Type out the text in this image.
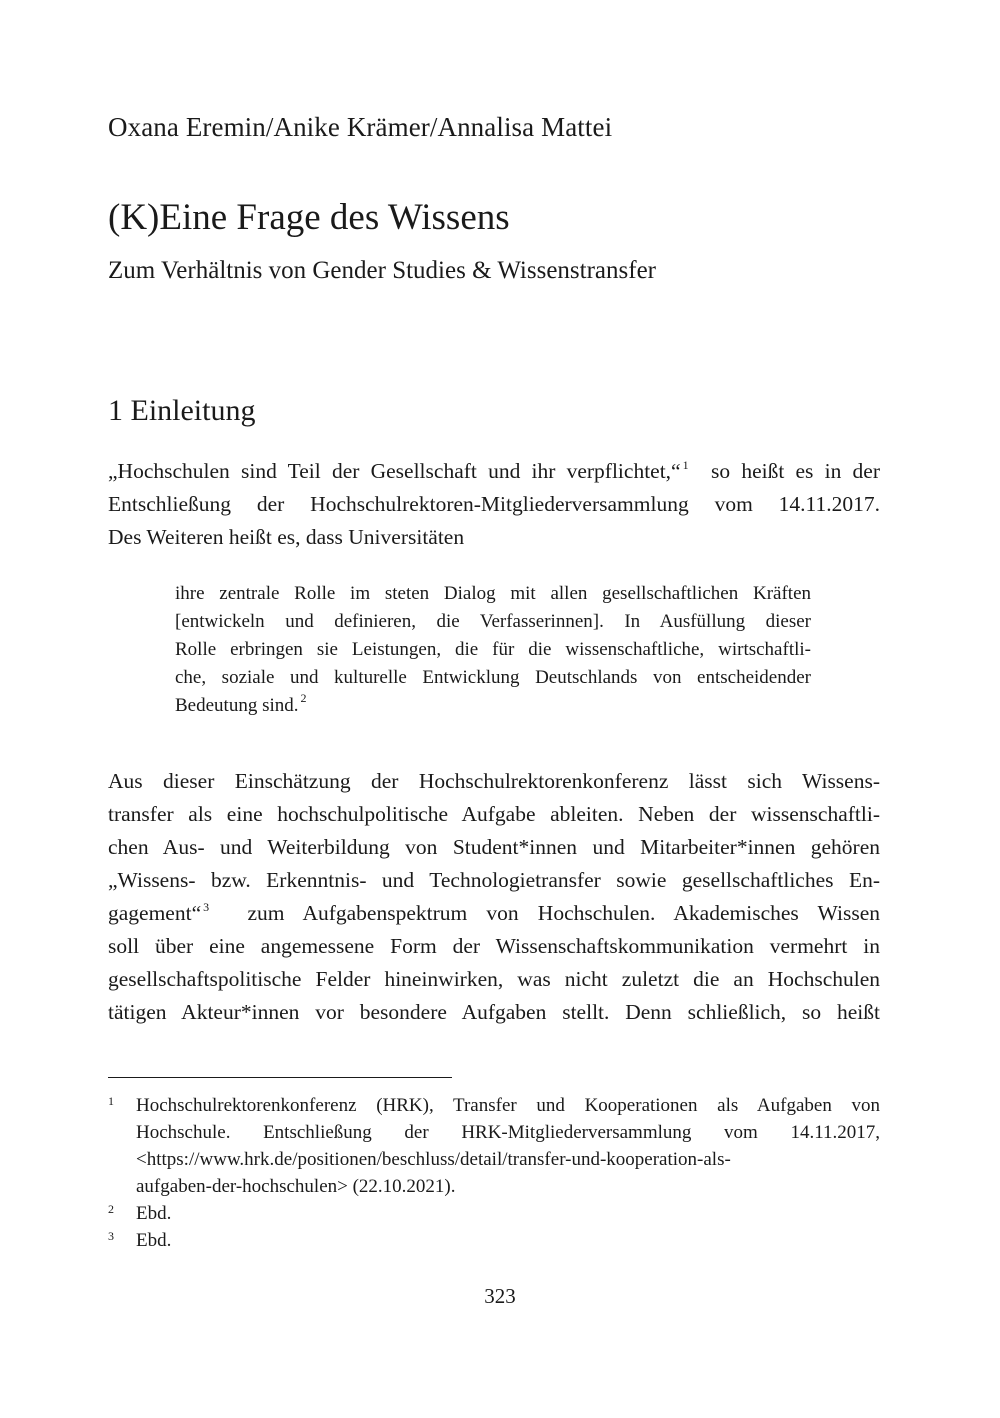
Oxana Eremin/Anike Krämer/Annalisa Mattei
(K)Eine Frage des Wissens
Zum Verhältnis von Gender Studies & Wissenstransfer
1 Einleitung
„Hochschulen sind Teil der Gesellschaft und ihr verpflichtet,“ $^1$ so heißt es in der
Entschließung der Hochschulrektoren-Mitgliederversammlung vom 14.11.2017.
Des Weiteren heißt es, dass Universitäten
ihre zentrale Rolle im steten Dialog mit allen gesellschaftlichen Kräften
[entwickeln und definieren, die Verfasserinnen]. In Ausfüllung dieser
Rolle erbringen sie Leistungen, die für die wissenschaftliche, wirtschaftli-
che, soziale und kulturelle Entwicklung Deutschlands von entscheidender
Bedeutung sind. $^2$
Aus dieser Einschätzung der Hochschulrektorenkonferenz lässt sich Wissens-
transfer als eine hochschulpolitische Aufgabe ableiten. Neben der wissenschaftli-
chen Aus- und Weiterbildung von Student*innen und Mitarbeiter*innen gehören
„Wissens- bzw. Erkenntnis- und Technologietransfer sowie gesellschaftliches En-
gagement“ $^3$ zum Aufgabenspektrum von Hochschulen. Akademisches Wissen
soll über eine angemessene Form der Wissenschaftskommunikation vermehrt in
gesellschaftspolitische Felder hineinwirken, was nicht zuletzt die an Hochschulen
tätigen Akteur*innen vor besondere Aufgaben stellt. Denn schließlich, so heißt
1 Hochschulrektorenkonferenz (HRK), Transfer und Kooperationen als Aufgaben von
Hochschule. Entschließung der HRK-Mitgliederversammlung vom 14.11.2017,
<https://www.hrk.de/positionen/beschluss/detail/transfer-und-kooperation-als-
aufgaben-der-hochschulen> (22.10.2021).
2 Ebd.
3 Ebd.
323
